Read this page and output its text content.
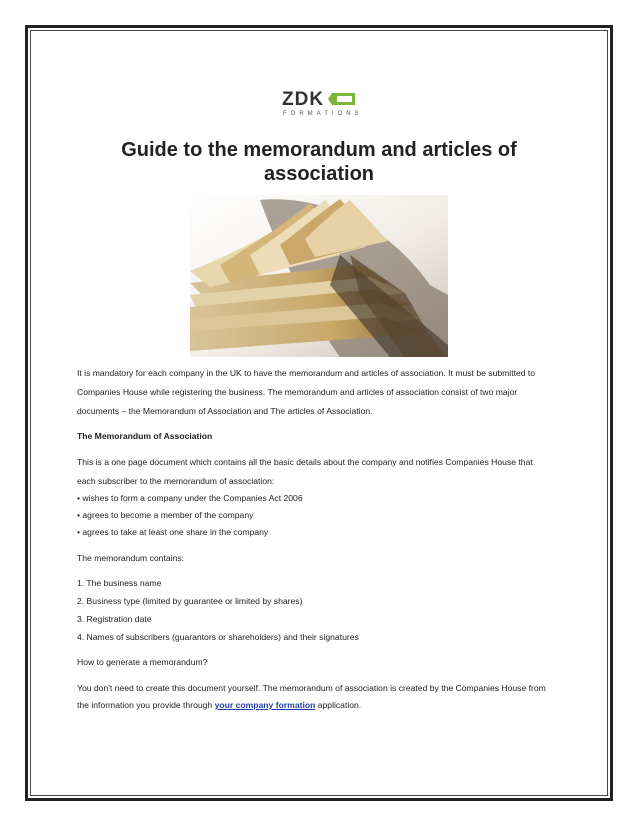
ZDK
FORMATIONS
Guide to the memorandum and articles of
association
It is mandatory for each company in the UK to have the memorandum and articles of association. It must be submitted to
Companies House while registering the business. The memorandum and articles of association consist of two major
documents – the Memorandum of Association and The articles of Association.
The Memorandum of Association
This is a one page document which contains all the basic details about the company and notifies Companies House that
each subscriber to the memorandum of association:
• wishes to form a company under the Companies Act 2006
• agrees to become a member of the company
• agrees to take at least one share in the company
The memorandum contains:
1. The business name
2. Business type (limited by guarantee or limited by shares)
3. Registration date
4. Names of subscribers (guarantors or shareholders) and their signatures
How to generate a memorandum?
You don't need to create this document yourself. The memorandum of association is created by the Companies House from
the information you provide through your company formation application.
